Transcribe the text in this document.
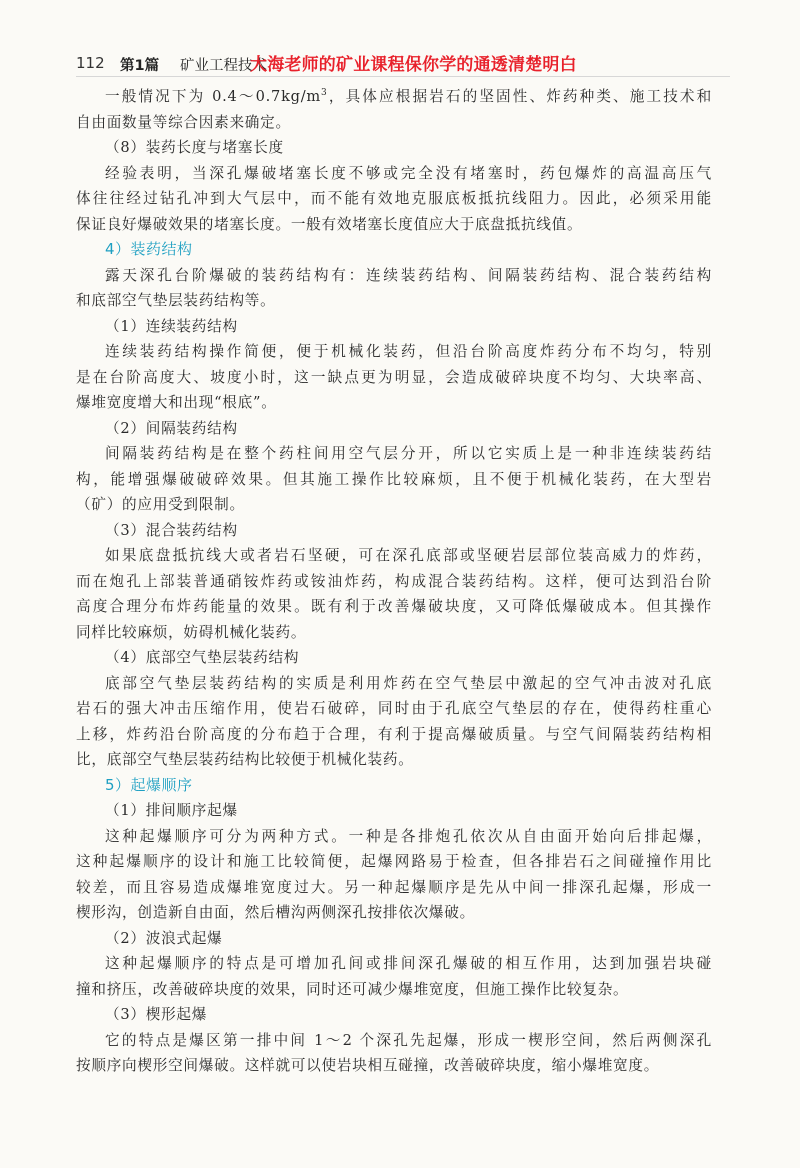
112 第1篇 矿业工程技术
大海老师的矿业课程保你学的通透清楚明白
一般情况下为 $0.4\sim 0.7kg/m^3$，具体应根据岩石的坚固性、炸药种类、施工技术和
自由面数量等综合因素来确定。
（8）装药长度与堵塞长度
经验表明，当深孔爆破堵塞长度不够或完全没有堵塞时，药包爆炸的高温高压气
体往往经过钻孔冲到大气层中，而不能有效地克服底板抵抗线阻力。因此，必须采用能
保证良好爆破效果的堵塞长度。一般有效堵塞长度值应大于底盘抵抗线值。
4）装药结构
露天深孔台阶爆破的装药结构有：连续装药结构、间隔装药结构、混合装药结构
和底部空气垫层装药结构等。
（1）连续装药结构
连续装药结构操作简便，便于机械化装药，但沿台阶高度炸药分布不均匀，特别
是在台阶高度大、坡度小时，这一缺点更为明显，会造成破碎块度不均匀、大块率高、
爆堆宽度增大和出现“根底”。
（2）间隔装药结构
间隔装药结构是在整个药柱间用空气层分开，所以它实质上是一种非连续装药结
构，能增强爆破破碎效果。但其施工操作比较麻烦，且不便于机械化装药，在大型岩
（矿）的应用受到限制。
（3）混合装药结构
如果底盘抵抗线大或者岩石坚硬，可在深孔底部或坚硬岩层部位装高威力的炸药，
而在炮孔上部装普通硝铵炸药或铵油炸药，构成混合装药结构。这样，便可达到沿台阶
高度合理分布炸药能量的效果。既有利于改善爆破块度，又可降低爆破成本。但其操作
同样比较麻烦，妨碍机械化装药。
（4）底部空气垫层装药结构
底部空气垫层装药结构的实质是利用炸药在空气垫层中激起的空气冲击波对孔底
岩石的强大冲击压缩作用，使岩石破碎，同时由于孔底空气垫层的存在，使得药柱重心
上移，炸药沿台阶高度的分布趋于合理，有利于提高爆破质量。与空气间隔装药结构相
比，底部空气垫层装药结构比较便于机械化装药。
5）起爆顺序
（1）排间顺序起爆
这种起爆顺序可分为两种方式。一种是各排炮孔依次从自由面开始向后排起爆，
这种起爆顺序的设计和施工比较简便，起爆网路易于检查，但各排岩石之间碰撞作用比
较差，而且容易造成爆堆宽度过大。另一种起爆顺序是先从中间一排深孔起爆，形成一
楔形沟，创造新自由面，然后槽沟两侧深孔按排依次爆破。
（2）波浪式起爆
这种起爆顺序的特点是可增加孔间或排间深孔爆破的相互作用，达到加强岩块碰
撞和挤压，改善破碎块度的效果，同时还可减少爆堆宽度，但施工操作比较复杂。
（3）楔形起爆
它的特点是爆区第一排中间 1～2 个深孔先起爆，形成一楔形空间，然后两侧深孔
按顺序向楔形空间爆破。这样就可以使岩块相互碰撞，改善破碎块度，缩小爆堆宽度。
